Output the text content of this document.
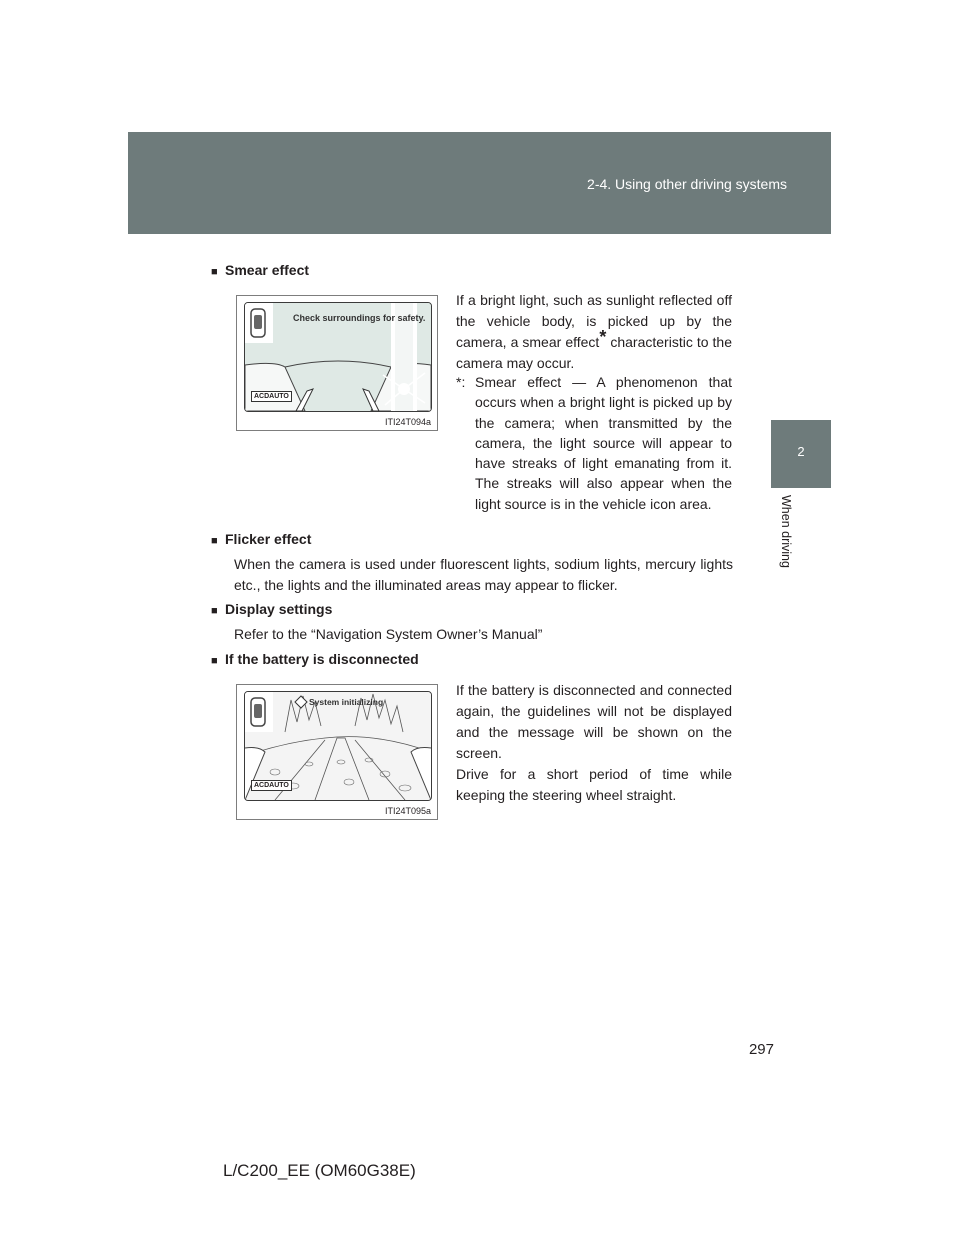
2-4. Using other driving systems
2
When driving
■ Smear effect
Check surroundings for safety.
ACDAUTO
ITI24T094a
If a bright light, such as sunlight reflected off the vehicle body, is picked up by the camera, a smear effect* characteristic to the camera may occur.
*: Smear effect — A phenomenon that occurs when a bright light is picked up by the camera; when transmitted by the camera, the light source will appear to have streaks of light emanating from it. The streaks will also appear when the light source is in the vehicle icon area.
■ Flicker effect
When the camera is used under fluorescent lights, sodium lights, mercury lights etc., the lights and the illuminated areas may appear to flicker.
■ Display settings
Refer to the “Navigation System Owner’s Manual”
■ If the battery is disconnected
System initializing
ACDAUTO
ITI24T095a
If the battery is disconnected and connected again, the guidelines will not be displayed and the message will be shown on the screen.
Drive for a short period of time while keeping the steering wheel straight.
297
L/C200_EE (OM60G38E)
